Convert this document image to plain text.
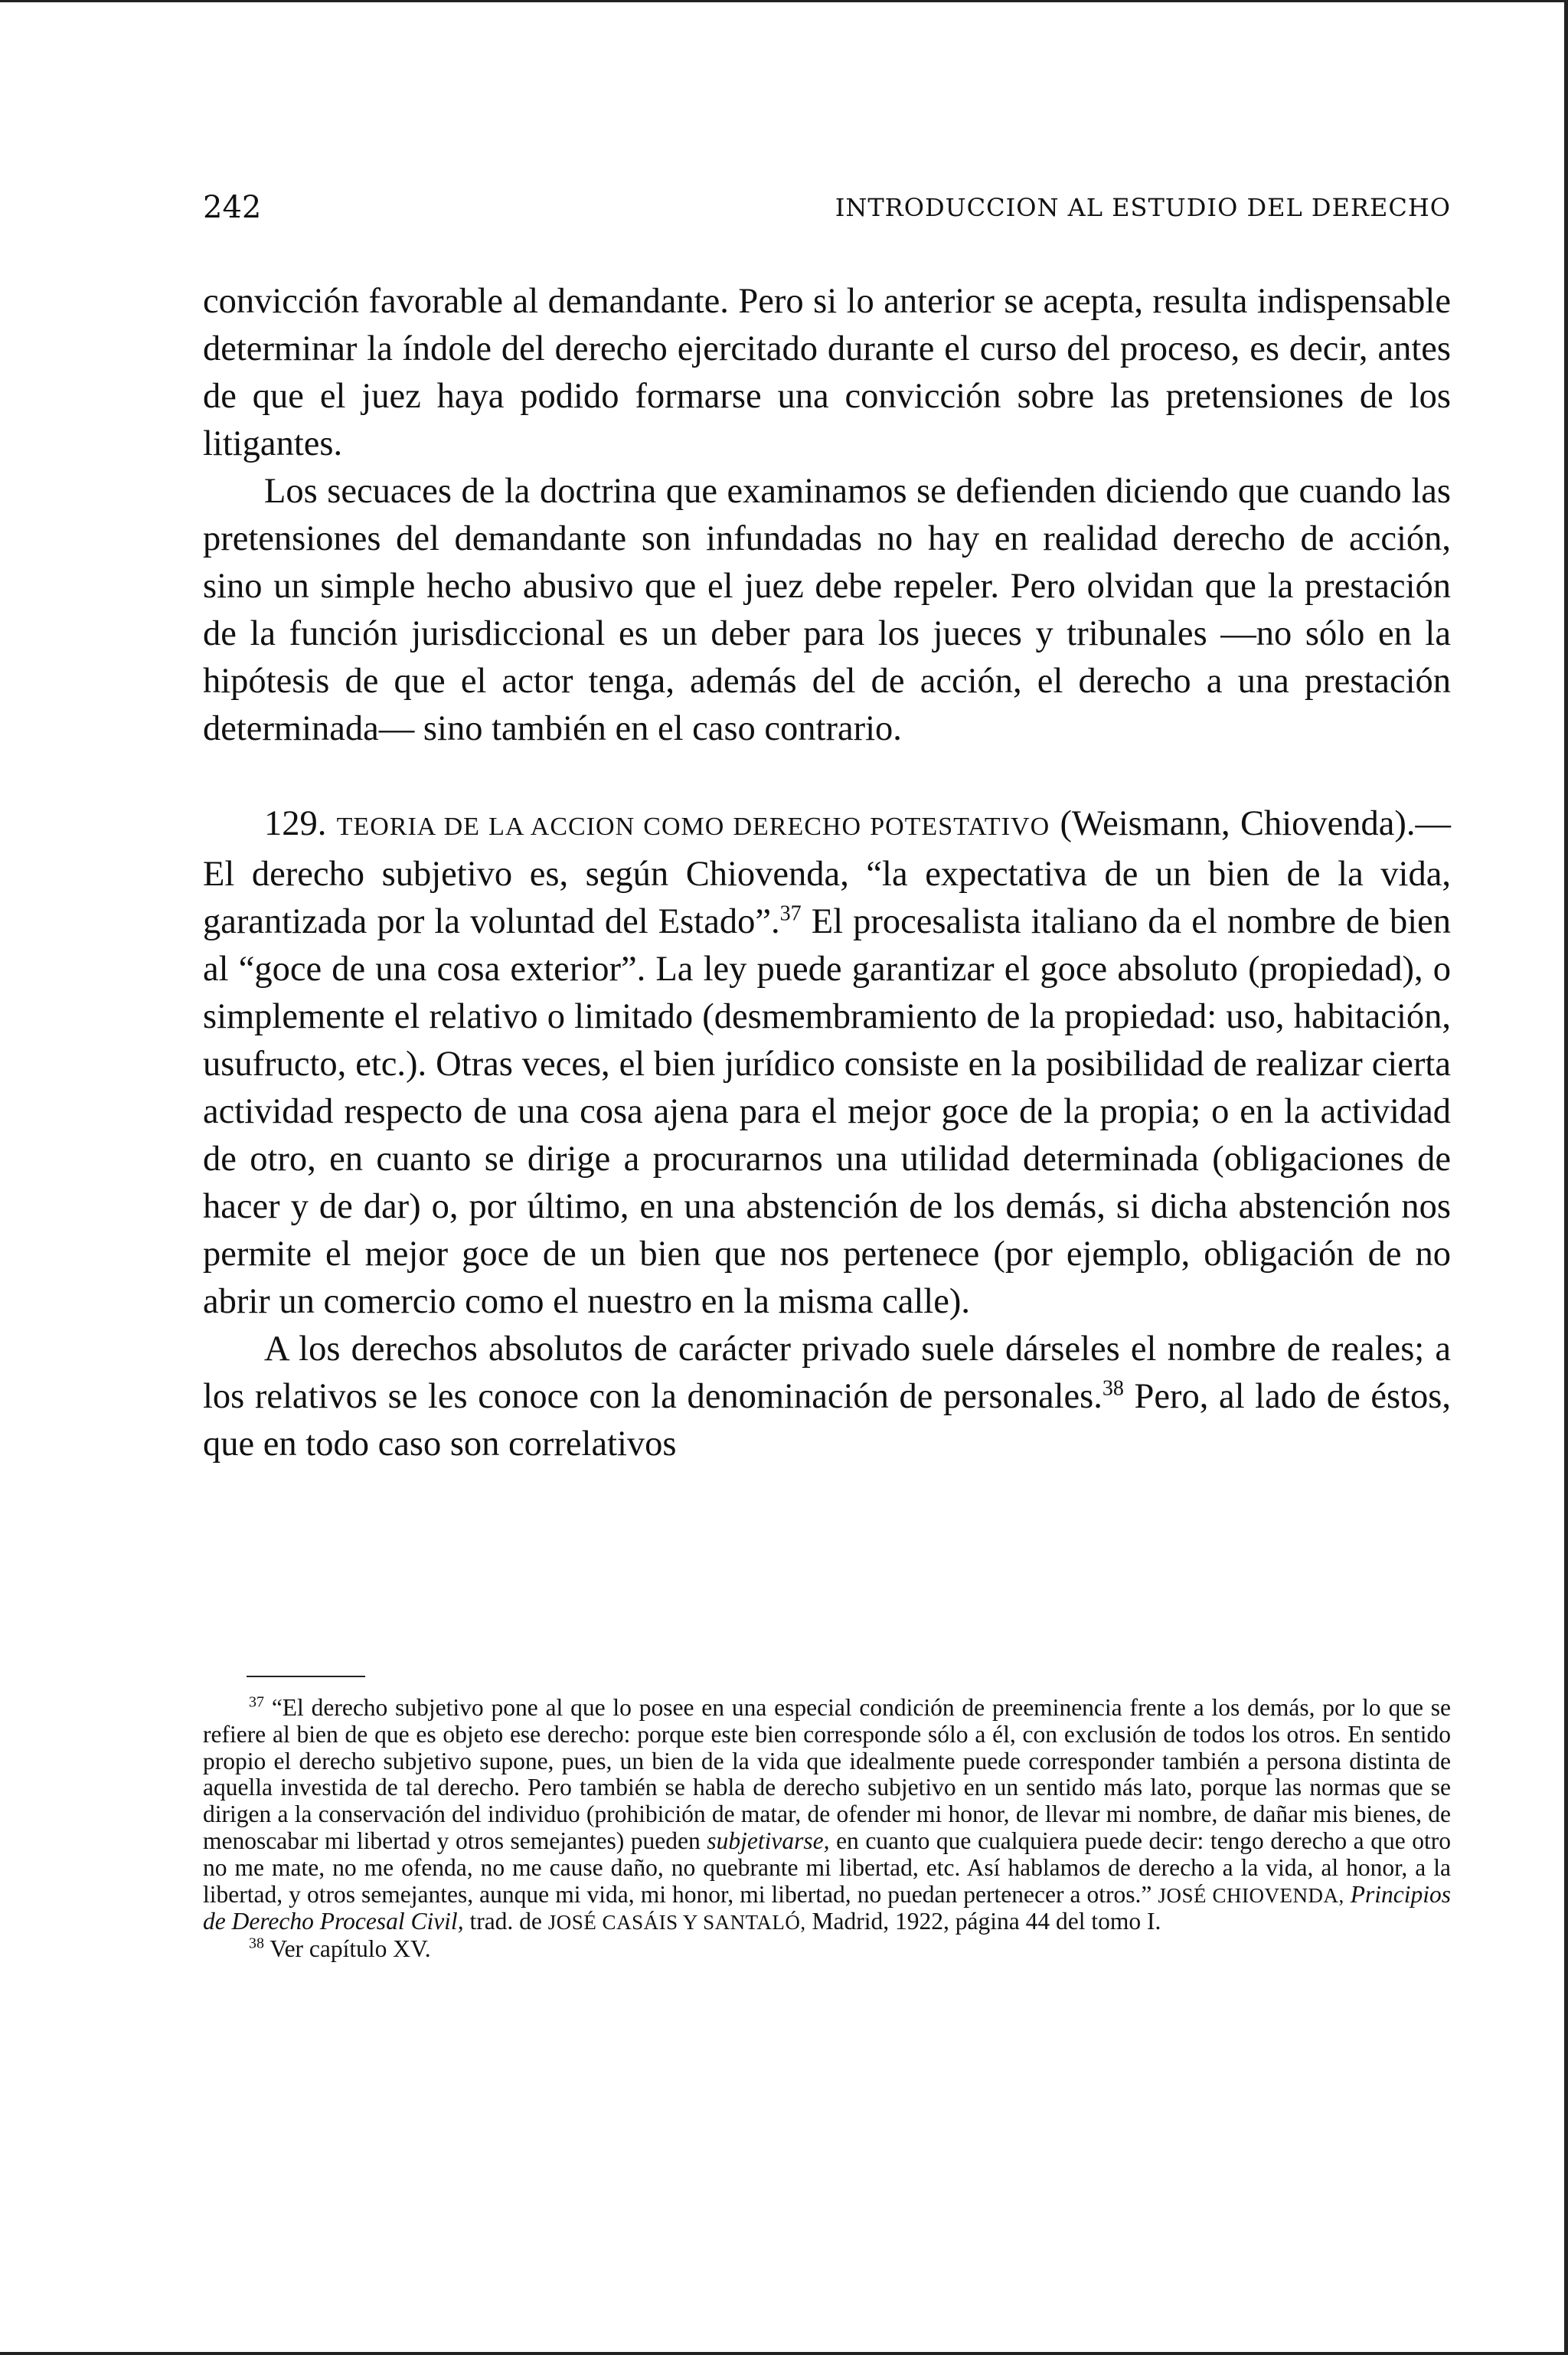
242	INTRODUCCION AL ESTUDIO DEL DERECHO

convicción favorable al demandante. Pero si lo anterior se acepta, resulta indispensable determinar la índole del derecho ejercitado durante el curso del proceso, es decir, antes de que el juez haya podido formarse una convicción sobre las pretensiones de los litigantes.

Los secuaces de la doctrina que examinamos se defienden diciendo que cuando las pretensiones del demandante son infundadas no hay en realidad derecho de acción, sino un simple hecho abusivo que el juez debe repeler. Pero olvidan que la prestación de la función jurisdiccional es un deber para los jueces y tribunales —no sólo en la hipótesis de que el actor tenga, además del de acción, el derecho a una prestación determinada— sino también en el caso contrario.

129. TEORIA DE LA ACCION COMO DERECHO POTESTATIVO (Weismann, Chiovenda).—El derecho subjetivo es, según Chiovenda, “la expectativa de un bien de la vida, garantizada por la voluntad del Estado”.$^{37}$ El procesalista italiano da el nombre de bien al “goce de una cosa exterior”. La ley puede garantizar el goce absoluto (propiedad), o simplemente el relativo o limitado (desmembramiento de la propiedad: uso, habitación, usufructo, etc.). Otras veces, el bien jurídico consiste en la posibilidad de realizar cierta actividad respecto de una cosa ajena para el mejor goce de la propia; o en la actividad de otro, en cuanto se dirige a procurarnos una utilidad determinada (obligaciones de hacer y de dar) o, por último, en una abstención de los demás, si dicha abstención nos permite el mejor goce de un bien que nos pertenece (por ejemplo, obligación de no abrir un comercio como el nuestro en la misma calle).

A los derechos absolutos de carácter privado suele dárseles el nombre de reales; a los relativos se les conoce con la denominación de personales.$^{38}$ Pero, al lado de éstos, que en todo caso son correlativos

$^{37}$ “El derecho subjetivo pone al que lo posee en una especial condición de preeminencia frente a los demás, por lo que se refiere al bien de que es objeto ese derecho: porque este bien corresponde sólo a él, con exclusión de todos los otros. En sentido propio el derecho subjetivo supone, pues, un bien de la vida que idealmente puede corresponder también a persona distinta de aquella investida de tal derecho. Pero también se habla de derecho subjetivo en un sentido más lato, porque las normas que se dirigen a la conservación del individuo (prohibición de matar, de ofender mi honor, de llevar mi nombre, de dañar mis bienes, de menoscabar mi libertad y otros semejantes) pueden subjetivarse, en cuanto que cualquiera puede decir: tengo derecho a que otro no me mate, no me ofenda, no me cause daño, no quebrante mi libertad, etc. Así hablamos de derecho a la vida, al honor, a la libertad, y otros semejantes, aunque mi vida, mi honor, mi libertad, no puedan pertenecer a otros.” JOSÉ CHIOVENDA, Principios de Derecho Procesal Civil, trad. de JOSÉ CASÁIS Y SANTALÓ, Madrid, 1922, página 44 del tomo I.

$^{38}$ Ver capítulo XV.
